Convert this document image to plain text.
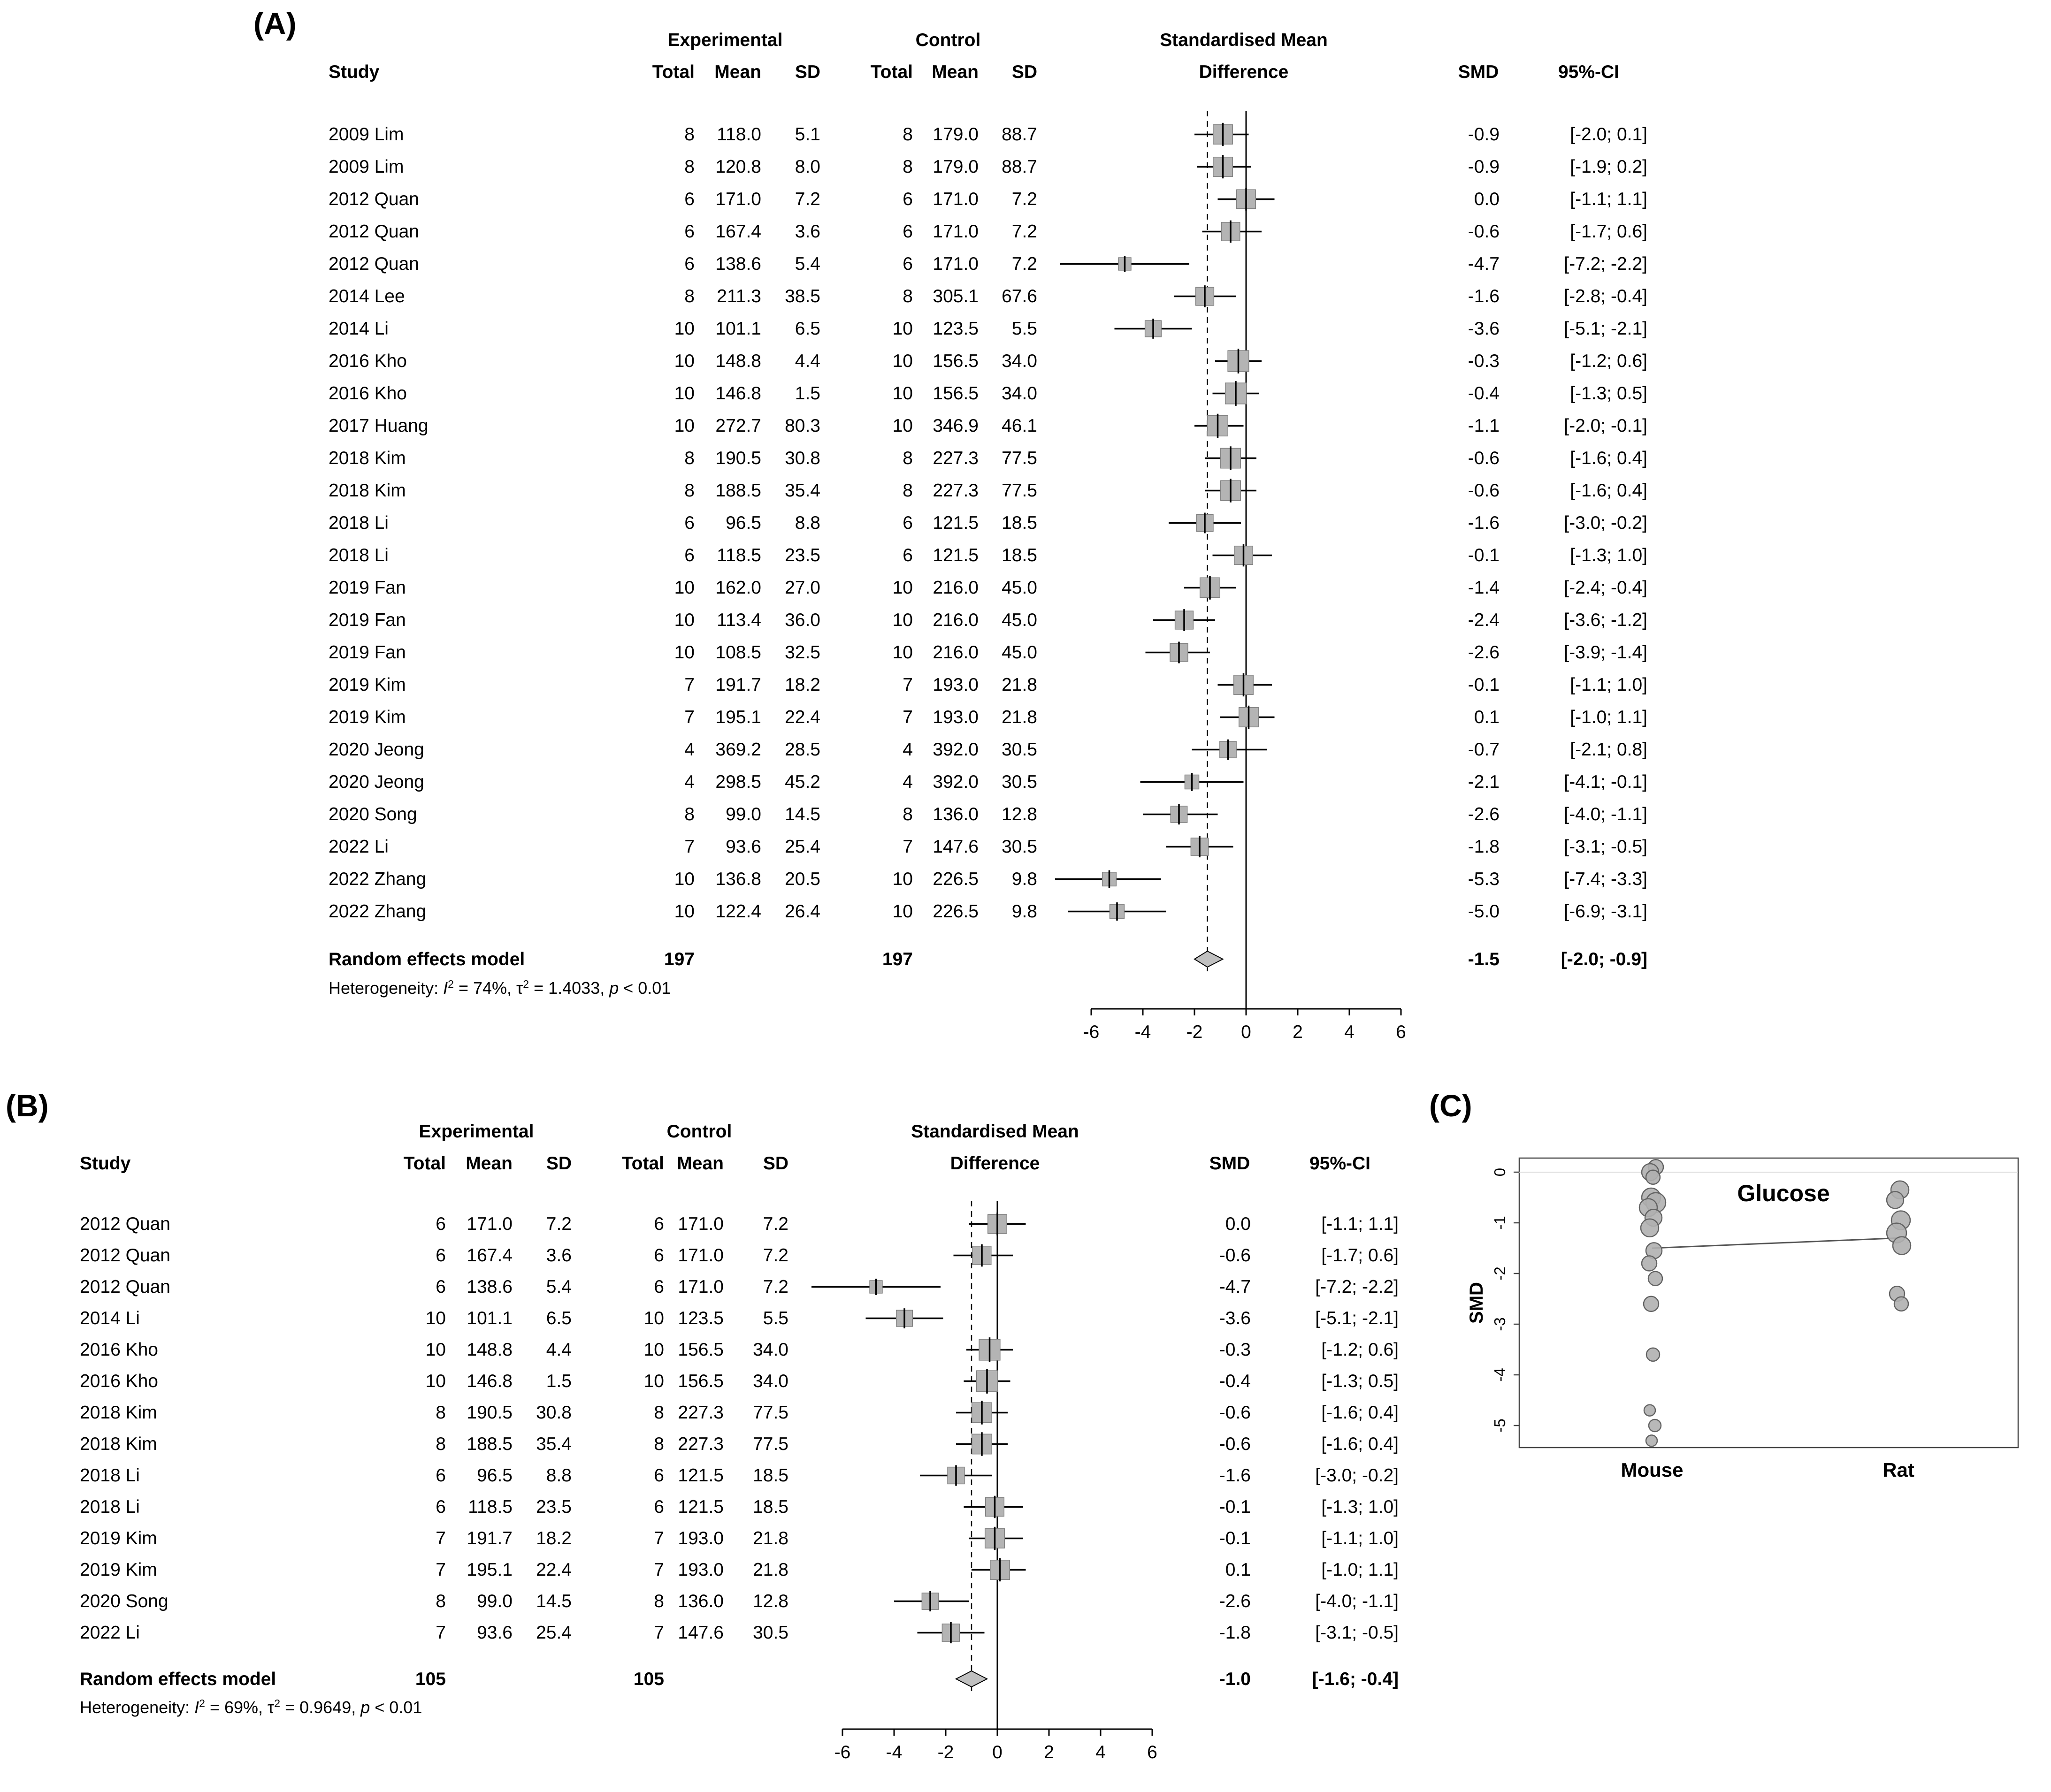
-6 -4 -2 0 2 4 6
-6 -4 -2 0 2 4 6
0
-1
-2
-3
-4
-5
SMD
Glucose
Mouse	Rat
(A)	Experimental	Control	Standardised Mean
Study	Total	Mean	SD	Total	Mean	SD	Difference	SMD	95%-CI
2009 Lim	8	118.0	5.1	8	179.0	88.7	-0.9	[-2.0; 0.1]
2009 Lim	8	120.8	8.0	8	179.0	88.7	-0.9	[-1.9; 0.2]
2012 Quan	6	171.0	7.2	6	171.0	7.2	0.0	[-1.1; 1.1]
2012 Quan	6	167.4	3.6	6	171.0	7.2	-0.6	[-1.7; 0.6]
2012 Quan	6	138.6	5.4	6	171.0	7.2	-4.7	[-7.2; -2.2]
2014 Lee	8	211.3	38.5	8	305.1	67.6	-1.6	[-2.8; -0.4]
2014 Li	10	101.1	6.5	10	123.5	5.5	-3.6	[-5.1; -2.1]
2016 Kho	10	148.8	4.4	10	156.5	34.0	-0.3	[-1.2; 0.6]
2016 Kho	10	146.8	1.5	10	156.5	34.0	-0.4	[-1.3; 0.5]
2017 Huang	10	272.7	80.3	10	346.9	46.1	-1.1	[-2.0; -0.1]
2018 Kim	8	190.5	30.8	8	227.3	77.5	-0.6	[-1.6; 0.4]
2018 Kim	8	188.5	35.4	8	227.3	77.5	-0.6	[-1.6; 0.4]
2018 Li	6	96.5	8.8	6	121.5	18.5	-1.6	[-3.0; -0.2]
2018 Li	6	118.5	23.5	6	121.5	18.5	-0.1	[-1.3; 1.0]
2019 Fan	10	162.0	27.0	10	216.0	45.0	-1.4	[-2.4; -0.4]
2019 Fan	10	113.4	36.0	10	216.0	45.0	-2.4	[-3.6; -1.2]
2019 Fan	10	108.5	32.5	10	216.0	45.0	-2.6	[-3.9; -1.4]
2019 Kim	7	191.7	18.2	7	193.0	21.8	-0.1	[-1.1; 1.0]
2019 Kim	7	195.1	22.4	7	193.0	21.8	0.1	[-1.0; 1.1]
2020 Jeong	4	369.2	28.5	4	392.0	30.5	-0.7	[-2.1; 0.8]
2020 Jeong	4	298.5	45.2	4	392.0	30.5	-2.1	[-4.1; -0.1]
2020 Song	8	99.0	14.5	8	136.0	12.8	-2.6	[-4.0; -1.1]
2022 Li	7	93.6	25.4	7	147.6	30.5	-1.8	[-3.1; -0.5]
2022 Zhang	10	136.8	20.5	10	226.5	9.8	-5.3	[-7.4; -3.3]
2022 Zhang	10	122.4	26.4	10	226.5	9.8	-5.0	[-6.9; -3.1]
Random effects model	197	197	-1.5	[-2.0; -0.9]
Heterogeneity: $I^2 = 74\%$, $\tau^2 = 1.4033$, p < 0.01
(B)
Experimental	Control	Standardised Mean
Study	Total	Mean	SD	Total Mean	SD	Difference	SMD	95%-CI
2012 Quan	6	171.0	7.2	6 171.0	7.2	0.0	[-1.1; 1.1]
2012 Quan	6	167.4	3.6	6 171.0	7.2	-0.6	[-1.7; 0.6]
2012 Quan	6	138.6	5.4	6 171.0	7.2	-4.7	[-7.2; -2.2]
2014 Li	10	101.1	6.5	10 123.5	5.5	-3.6	[-5.1; -2.1]
2016 Kho	10	148.8	4.4	10 156.5	34.0	-0.3	[-1.2; 0.6]
2016 Kho	10	146.8	1.5	10 156.5	34.0	-0.4	[-1.3; 0.5]
2018 Kim	8	190.5	30.8	8 227.3	77.5	-0.6	[-1.6; 0.4]
2018 Kim	8	188.5	35.4	8 227.3	77.5	-0.6	[-1.6; 0.4]
2018 Li	6	96.5	8.8	6 121.5	18.5	-1.6	[-3.0; -0.2]
2018 Li	6	118.5	23.5	6 121.5	18.5	-0.1	[-1.3; 1.0]
2019 Kim	7	191.7	18.2	7 193.0	21.8	-0.1	[-1.1; 1.0]
2019 Kim	7	195.1	22.4	7 193.0	21.8	0.1	[-1.0; 1.1]
2020 Song	8	99.0	14.5	8 136.0	12.8	-2.6	[-4.0; -1.1]
2022 Li	7	93.6	25.4	7 147.6	30.5	-1.8	[-3.1; -0.5]
Random effects model	105	105	-1.0	[-1.6; -0.4]
Heterogeneity: $I^2 = 69\%$, $\tau^2 = 0.9649$, p < 0.01
(C)
